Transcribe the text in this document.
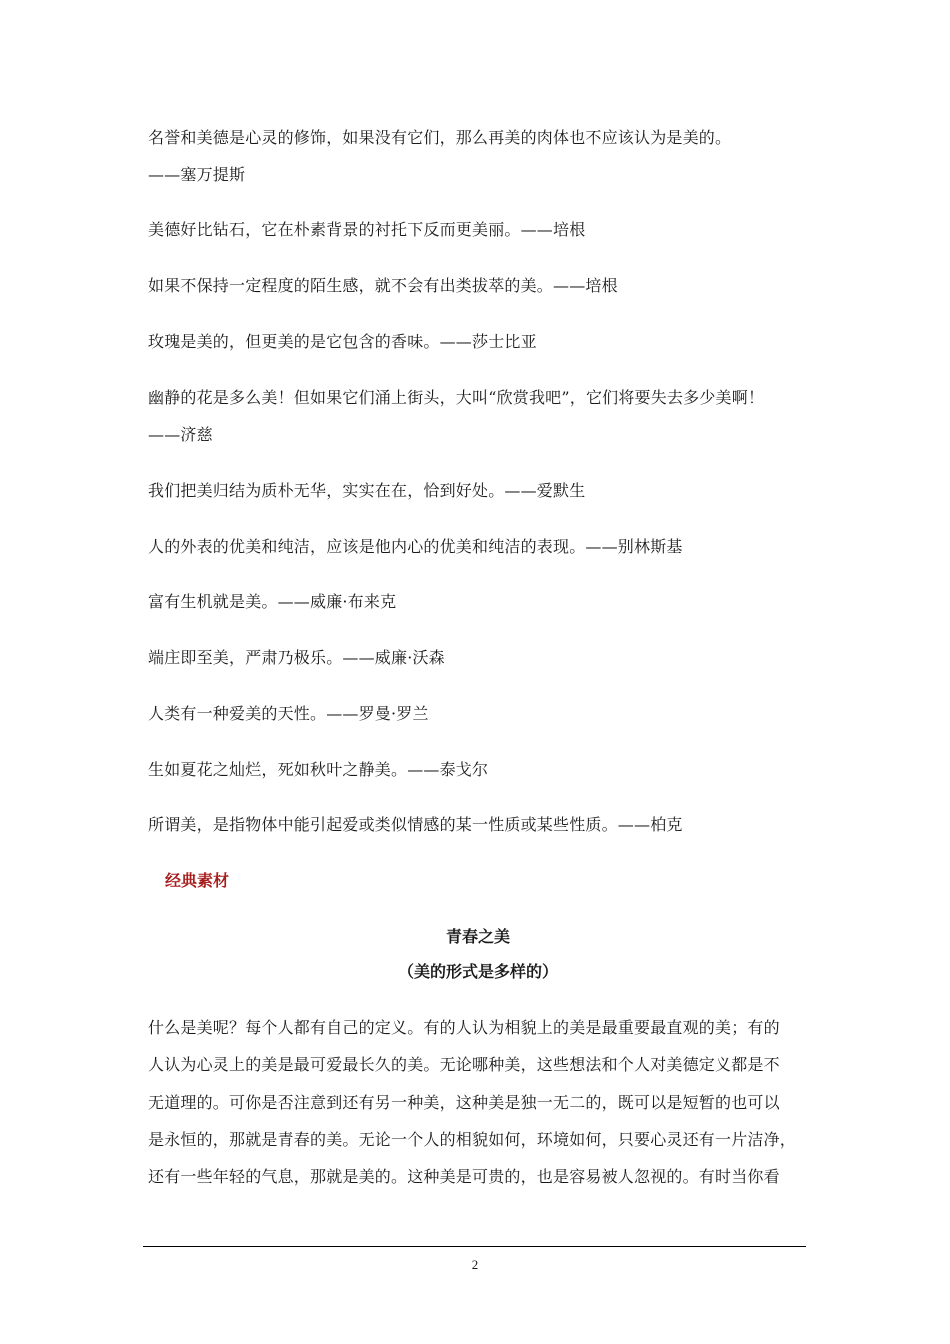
名誉和美德是心灵的修饰，如果没有它们，那么再美的肉体也不应该认为是美的。
——塞万提斯
美德好比钻石，它在朴素背景的衬托下反而更美丽。——培根
如果不保持一定程度的陌生感，就不会有出类拔萃的美。——培根
玫瑰是美的，但更美的是它包含的香味。——莎士比亚
幽静的花是多么美！但如果它们涌上街头，大叫“欣赏我吧”，它们将要失去多少美啊！
——济慈
我们把美归结为质朴无华，实实在在，恰到好处。——爱默生
人的外表的优美和纯洁，应该是他内心的优美和纯洁的表现。——别林斯基
富有生机就是美。——威廉·布来克
端庄即至美，严肃乃极乐。——威廉·沃森
人类有一种爱美的天性。——罗曼·罗兰
生如夏花之灿烂，死如秋叶之静美。——泰戈尔
所谓美，是指物体中能引起爱或类似情感的某一性质或某些性质。——柏克
经典素材
青春之美
（美的形式是多样的）
什么是美呢？每个人都有自己的定义。有的人认为相貌上的美是最重要最直观的美；有的
人认为心灵上的美是最可爱最长久的美。无论哪种美，这些想法和个人对美德定义都是不
无道理的。可你是否注意到还有另一种美，这种美是独一无二的，既可以是短暂的也可以
是永恒的，那就是青春的美。无论一个人的相貌如何，环境如何，只要心灵还有一片洁净，
还有一些年轻的气息，那就是美的。这种美是可贵的，也是容易被人忽视的。有时当你看
2
